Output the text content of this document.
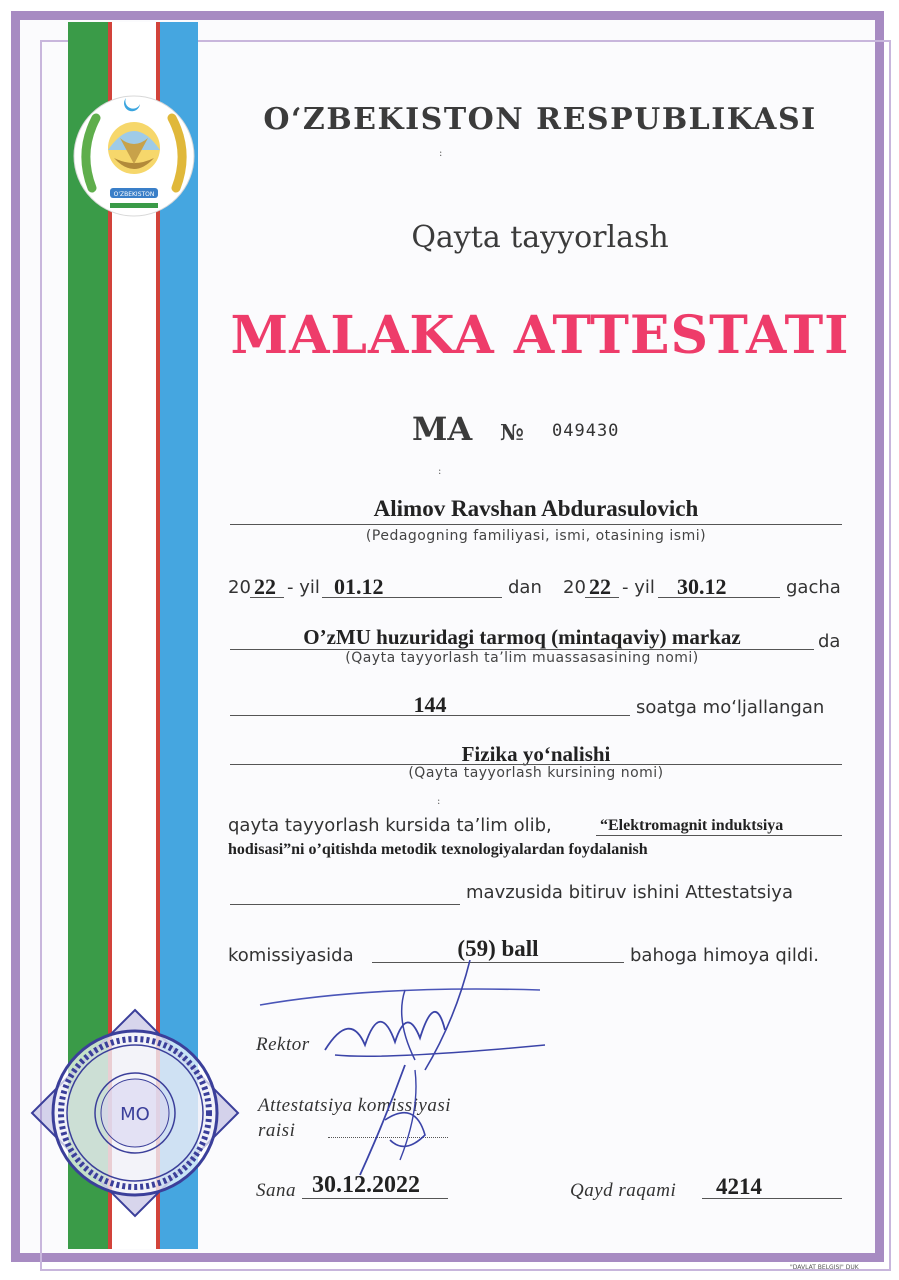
O'ZBEKISTON
O‘ZBEKISTON RESPUBLIKASI
:
Qayta tayyorlash
MALAKA ATTESTATI
MA № 049430
:
Alimov Ravshan Abdurasulovich
(Pedagogning familiyasi, ismi, otasining ismi)
20 22 - yil 01.12	dan 20 22 - yil 30.12	gacha
O’zMU huzuridagi tarmoq (mintaqaviy) markaz	da
(Qayta tayyorlash ta’lim muassasasining nomi)
144	soatga mo‘ljallangan
Fizika yo‘nalishi
(Qayta tayyorlash kursining nomi)
:
qayta tayyorlash kursida ta’lim olib,	“Elektromagnit induktsiya
hodisasi”ni o’qitishda metodik texnologiyalardan foydalanish
mavzusida bitiruv ishini Attestatsiya
komissiyasida	(59) ball	bahoga himoya qildi.
Rektor
Attestatsiya komissiyasi
raisi
MO
Sana 30.12.2022	Qayd raqami 4214
"DAVLAT BELGISI" DUK
